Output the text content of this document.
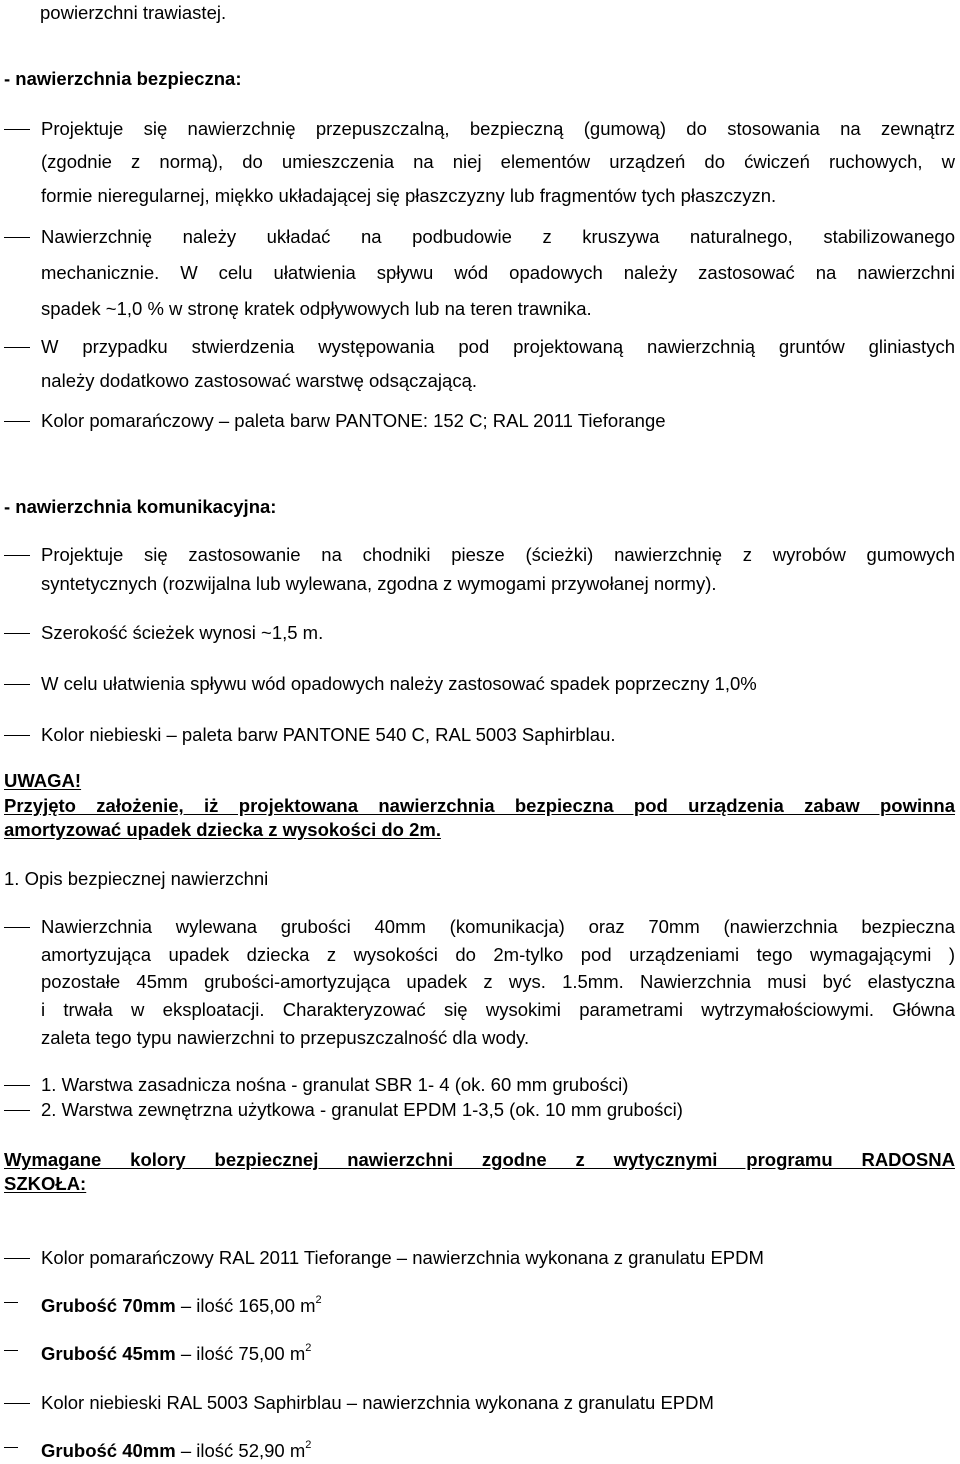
powierzchni trawiastej.
- nawierzchnia bezpieczna:
Projektuje się nawierzchnię przepuszczalną, bezpieczną (gumową) do stosowania na zewnątrz
(zgodnie z normą), do umieszczenia na niej elementów urządzeń do ćwiczeń ruchowych, w
formie nieregularnej, miękko układającej się płaszczyzny lub fragmentów tych płaszczyzn.
Nawierzchnię należy układać na podbudowie z kruszywa naturalnego, stabilizowanego
mechanicznie. W celu ułatwienia spływu wód opadowych należy zastosować na nawierzchni
spadek ~1,0 % w stronę kratek odpływowych lub na teren trawnika.
W przypadku stwierdzenia występowania pod projektowaną nawierzchnią gruntów gliniastych
należy dodatkowo zastosować warstwę odsączającą.
Kolor pomarańczowy – paleta barw PANTONE: 152 C; RAL 2011 Tieforange
- nawierzchnia komunikacyjna:
Projektuje się zastosowanie na chodniki piesze (ścieżki) nawierzchnię z wyrobów gumowych
syntetycznych (rozwijalna lub wylewana, zgodna z wymogami przywołanej normy).
Szerokość ścieżek wynosi ~1,5 m.
W celu ułatwienia spływu wód opadowych należy zastosować spadek poprzeczny 1,0%
Kolor niebieski – paleta barw PANTONE 540 C, RAL 5003 Saphirblau.
UWAGA!
Przyjęto założenie, iż projektowana nawierzchnia bezpieczna pod urządzenia zabaw powinna
amortyzować upadek dziecka z wysokości do 2m.
1. Opis bezpiecznej nawierzchni
Nawierzchnia wylewana grubości 40mm (komunikacja) oraz 70mm (nawierzchnia bezpieczna
amortyzująca upadek dziecka z wysokości do 2m-tylko pod urządzeniami tego wymagającymi )
pozostałe 45mm grubości-amortyzująca upadek z wys. 1.5mm. Nawierzchnia musi być elastyczna
i trwała w eksploatacji. Charakteryzować się wysokimi parametrami wytrzymałościowymi. Główna
zaleta tego typu nawierzchni to przepuszczalność dla wody.
1. Warstwa zasadnicza nośna - granulat SBR 1- 4 (ok. 60 mm grubości)
2. Warstwa zewnętrzna użytkowa - granulat EPDM 1-3,5 (ok. 10 mm grubości)
Wymagane kolory bezpiecznej nawierzchni zgodne z wytycznymi programu RADOSNA
SZKOŁA:
Kolor pomarańczowy RAL 2011 Tieforange – nawierzchnia wykonana z granulatu EPDM
Grubość 70mm – ilość 165,00 $m^2$
Grubość 45mm – ilość 75,00 $m^2$
Kolor niebieski RAL 5003 Saphirblau – nawierzchnia wykonana z granulatu EPDM
Grubość 40mm – ilość 52,90 $m^2$
